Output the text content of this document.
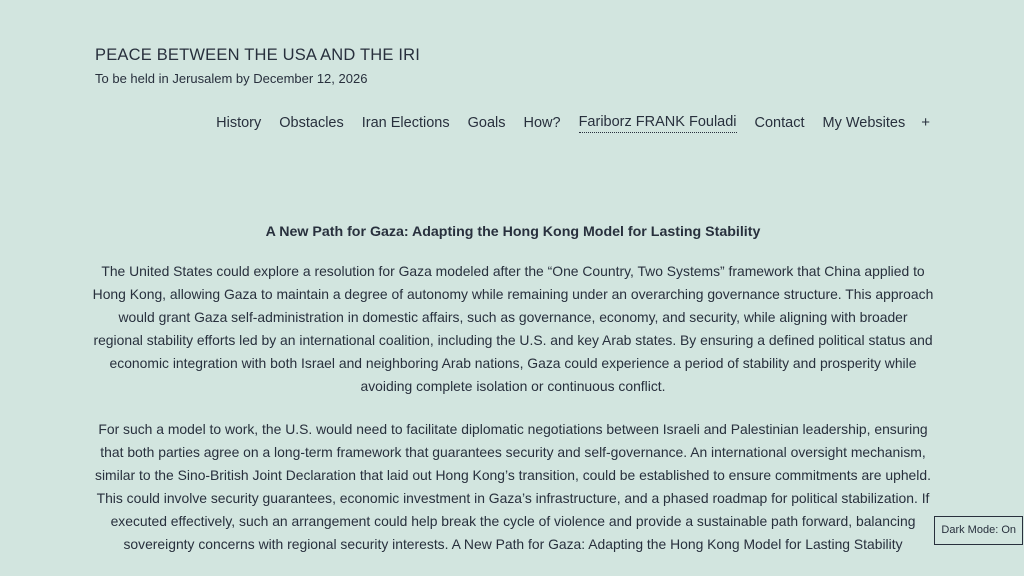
PEACE BETWEEN THE USA AND THE IRI
To be held in Jerusalem by December 12, 2026
History Obstacles Iran Elections Goals How? Fariborz FRANK Fouladi Contact My Websites +
A New Path for Gaza: Adapting the Hong Kong Model for Lasting Stability

The United States could explore a resolution for Gaza modeled after the “One Country, Two Systems” framework that China applied to Hong Kong, allowing Gaza to maintain a degree of autonomy while remaining under an overarching governance structure. This approach would grant Gaza self-administration in domestic affairs, such as governance, economy, and security, while aligning with broader regional stability efforts led by an international coalition, including the U.S. and key Arab states. By ensuring a defined political status and economic integration with both Israel and neighboring Arab nations, Gaza could experience a period of stability and prosperity while avoiding complete isolation or continuous conflict.

For such a model to work, the U.S. would need to facilitate diplomatic negotiations between Israeli and Palestinian leadership, ensuring that both parties agree on a long-term framework that guarantees security and self-governance. An international oversight mechanism, similar to the Sino-British Joint Declaration that laid out Hong Kong’s transition, could be established to ensure commitments are upheld. This could involve security guarantees, economic investment in Gaza’s infrastructure, and a phased roadmap for political stabilization. If executed effectively, such an arrangement could help break the cycle of violence and provide a sustainable path forward, balancing sovereignty concerns with regional security interests. A New Path for Gaza: Adapting the Hong Kong Model for Lasting Stability

Dark Mode: On
